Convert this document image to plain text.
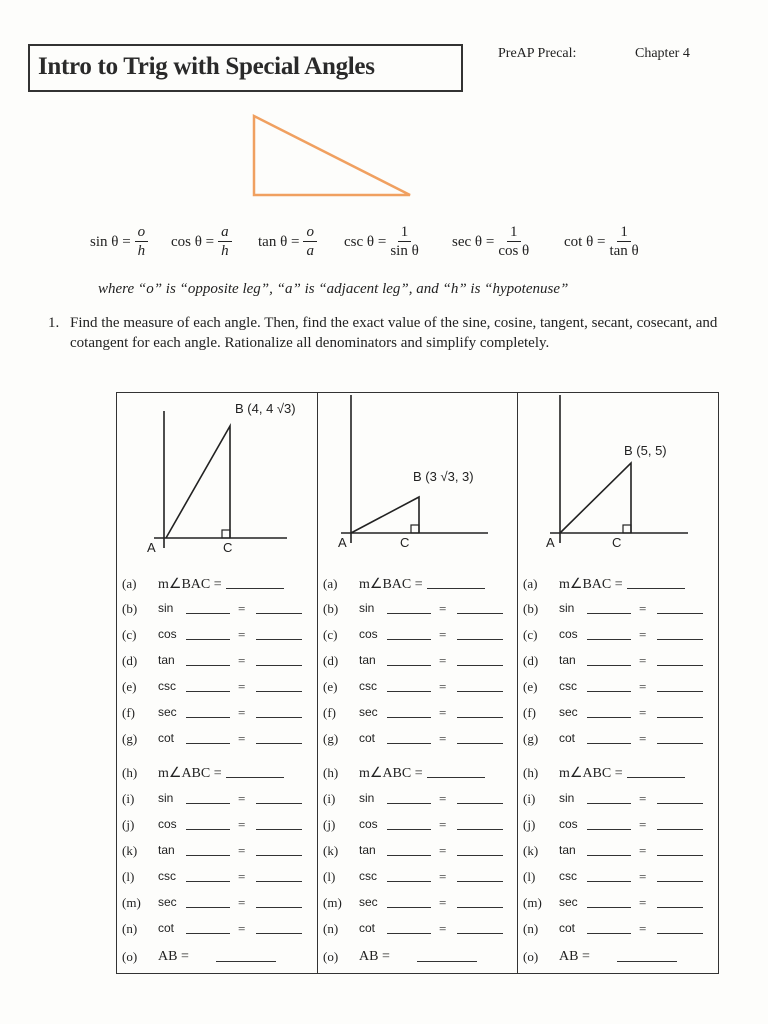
Intro to Trig with Special Angles	PreAP Precal:	Chapter 4
$\sin \theta = \frac{o}{h}$ $\cos \theta = \frac{a}{h}$ $\tan \theta = \frac{o}{a}$ $\csc \theta = \frac{1}{\text{sin θ}}$ $\sec \theta = \frac{1}{\text{cos θ}}$ $\cot \theta = \frac{1}{\text{tan θ}}$
where “o” is “opposite leg”, “a” is “adjacent leg”, and “h” is “hypotenuse”
1. Find the measure of each angle. Then, find the exact value of the sine, cosine, tangent, secant, cosecant, and cotangent for each angle. Rationalize all denominators and simplify completely.
B (4, 4 √3)
A	C
(a) m∠BAC =
(b) sin	=
(c) cos	=
(d) tan	=
(e) csc	=
(f) sec	=
(g) cot	=
(h) m∠ABC =
(i) sin	=
(j) cos	=
(k) tan	=
(l) csc	=
(m) sec	=
(n) cot	=
(o) AB =
B (3 √3, 3)
A	C
(a) m∠BAC =
(b) sin	=
(c) cos	=
(d) tan	=
(e) csc	=
(f) sec	=
(g) cot	=
(h) m∠ABC =
(i) sin	=
(j) cos	=
(k) tan	=
(l) csc	=
(m) sec	=
(n) cot	=
(o) AB =
B (5, 5)
A	C
(a) m∠BAC =
(b) sin	=
(c) cos	=
(d) tan	=
(e) csc	=
(f) sec	=
(g) cot	=
(h) m∠ABC =
(i) sin	=
(j) cos	=
(k) tan	=
(l) csc	=
(m) sec	=
(n) cot	=
(o) AB =
